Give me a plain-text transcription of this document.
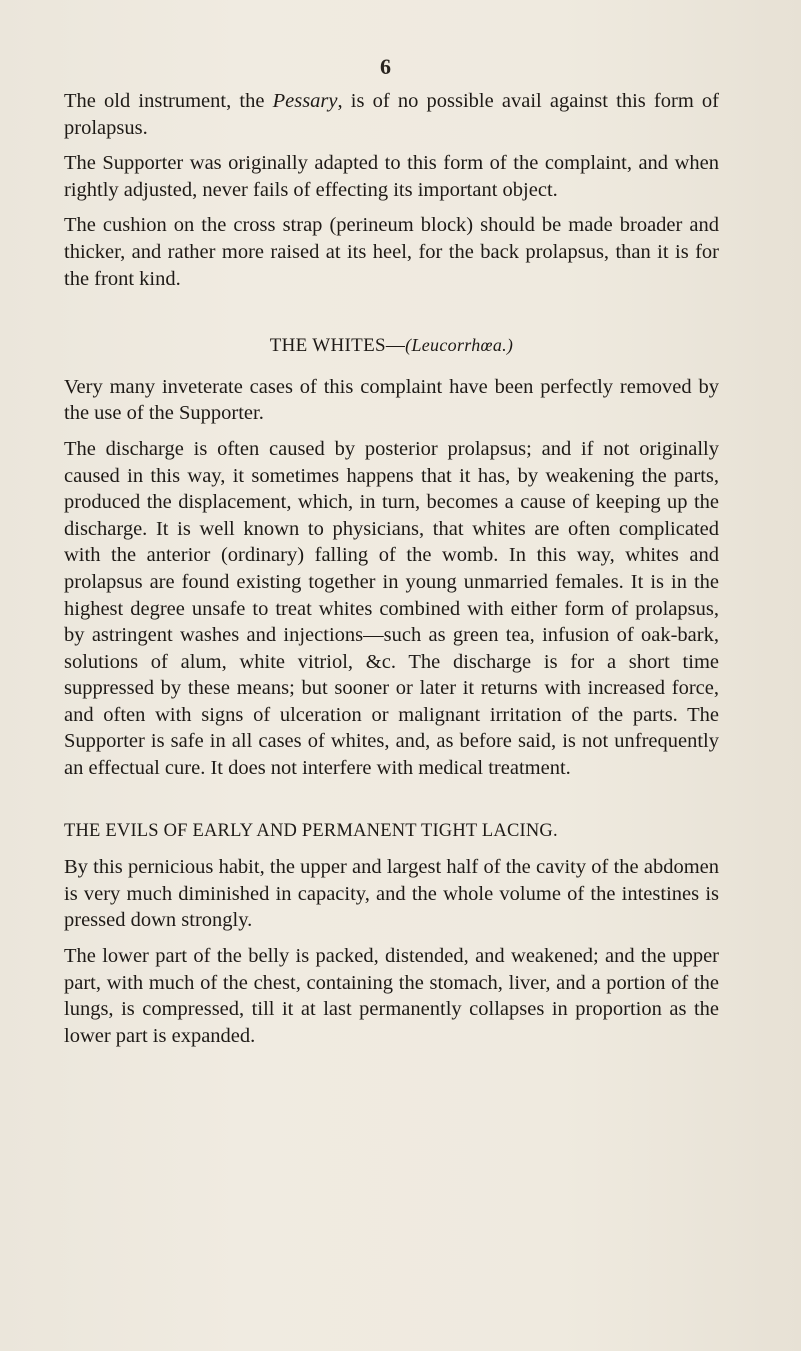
6

The old instrument, the Pessary, is of no possible avail against this form of prolapsus.

The Supporter was originally adapted to this form of the complaint, and when rightly adjusted, never fails of effecting its important object.

The cushion on the cross strap (perineum block) should be made broader and thicker, and rather more raised at its heel, for the back prolapsus, than it is for the front kind.

THE WHITES—(Leucorrhœa.)

Very many inveterate cases of this complaint have been perfectly removed by the use of the Supporter.

The discharge is often caused by posterior prolapsus; and if not originally caused in this way, it sometimes happens that it has, by weakening the parts, produced the displacement, which, in turn, becomes a cause of keeping up the discharge. It is well known to physicians, that whites are often complicated with the anterior (ordinary) falling of the womb. In this way, whites and prolapsus are found existing together in young unmarried females. It is in the highest degree unsafe to treat whites combined with either form of prolapsus, by astringent washes and injections—such as green tea, infusion of oak-bark, solutions of alum, white vitriol, &c. The discharge is for a short time suppressed by these means; but sooner or later it returns with increased force, and often with signs of ulceration or malignant irritation of the parts. The Supporter is safe in all cases of whites, and, as before said, is not unfrequently an effectual cure. It does not interfere with medical treatment.

THE EVILS OF EARLY AND PERMANENT TIGHT LACING.

By this pernicious habit, the upper and largest half of the cavity of the abdomen is very much diminished in capacity, and the whole volume of the intestines is pressed down strongly.

The lower part of the belly is packed, distended, and weakened; and the upper part, with much of the chest, containing the stomach, liver, and a portion of the lungs, is compressed, till it at last permanently collapses in proportion as the lower part is expanded.
